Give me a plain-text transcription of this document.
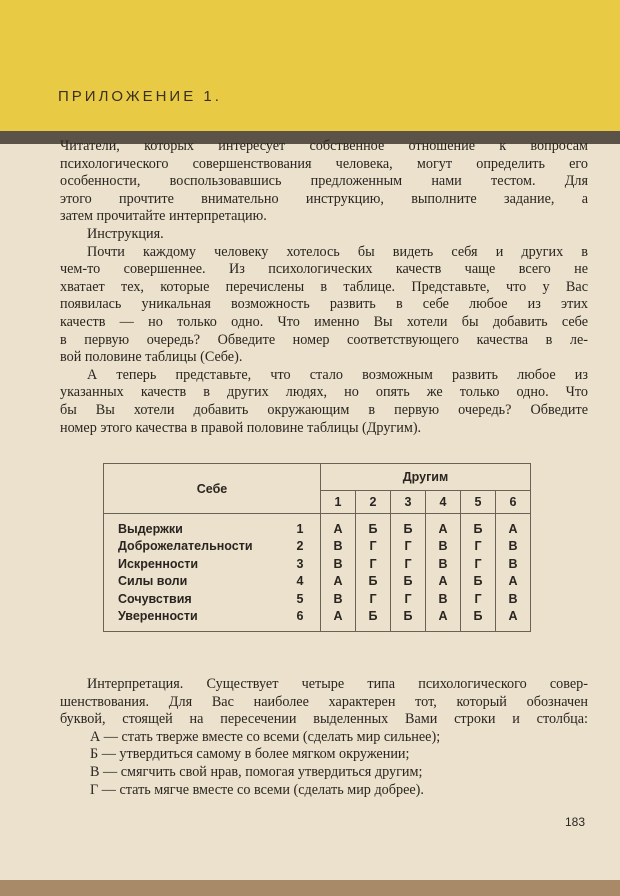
ПРИЛОЖЕНИЕ 1.
Читатели, которых интересует собственное отношение к вопросам
психологического совершенствования человека, могут определить его
особенности, воспользовавшись предложенным нами тестом. Для
этого прочтите внимательно инструкцию, выполните задание, а
затем прочитайте интерпретацию.
Инструкция.
Почти каждому человеку хотелось бы видеть себя и других в
чем-то совершеннее. Из психологических качеств чаще всего не
хватает тех, которые перечислены в таблице. Представьте, что у Вас
появилась уникальная возможность развить в себе любое из этих
качеств — но только одно. Что именно Вы хотели бы добавить себе
в первую очередь? Обведите номер соответствующего качества в ле-
вой половине таблицы (Себе).
А теперь представьте, что стало возможным развить любое из
указанных качеств в других людях, но опять же только одно. Что
бы Вы хотели добавить окружающим в первую очередь? Обведите
номер этого качества в правой половине таблицы (Другим).
Себе		Другим					
		1	2	3	4	5	6
Выдержки	1	А	Б	Б	А	Б	А
Доброжелательности	2	В	Г	Г	В	Г	В
Искренности	3	В	Г	Г	В	Г	В
Силы воли	4	А	Б	Б	А	Б	А
Сочувствия	5	В	Г	Г	В	Г	В
Уверенности	6	А	Б	Б	А	Б	А
Интерпретация. Существует четыре типа психологического совер-
шенствования. Для Вас наиболее характерен тот, который обозначен
буквой, стоящей на пересечении выделенных Вами строки и столбца:
А — стать тверже вместе со всеми (сделать мир сильнее);
Б — утвердиться самому в более мягком окружении;
В — смягчить свой нрав, помогая утвердиться другим;
Г — стать мягче вместе со всеми (сделать мир добрее).
183
